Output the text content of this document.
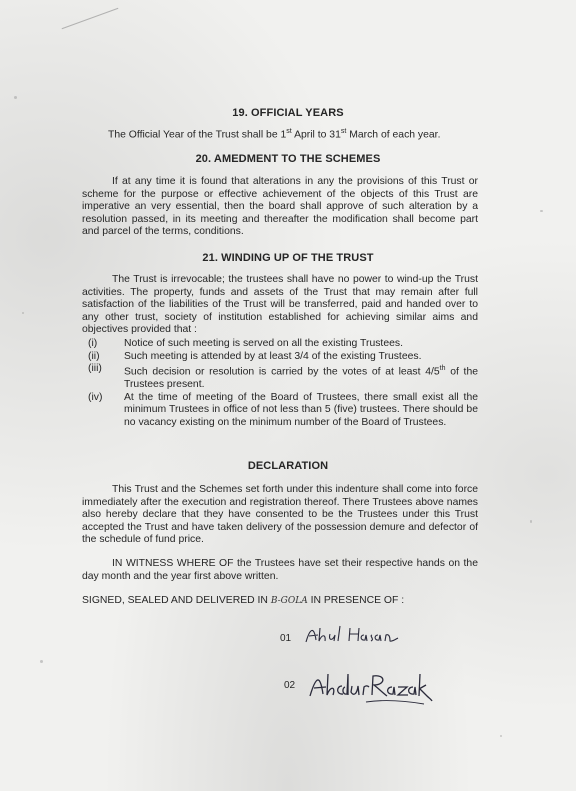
19. OFFICIAL YEARS
The Official Year of the Trust shall be 1st April to 31st March of each year.
20. AMEDMENT TO THE SCHEMES

If at any time it is found that alterations in any the provisions of this Trust or scheme for the purpose or effective achievement of the objects of this Trust are imperative an very essential, then the board shall approve of such alteration by a resolution passed, in its meeting and thereafter the modification shall become part and parcel of the terms, conditions.

21. WINDING UP OF THE TRUST

The Trust is irrevocable; the trustees shall have no power to wind-up the Trust activities. The property, funds and assets of the Trust that may remain after full satisfaction of the liabilities of the Trust will be transferred, paid and handed over to any other trust, society of institution established for achieving similar aims and objectives provided that :

(i)	Notice of such meeting is served on all the existing Trustees.
(ii)	Such meeting is attended by at least 3/4 of the existing Trustees.
(iii)	Such decision or resolution is carried by the votes of at least 4/5th of the Trustees present.
(iv)	At the time of meeting of the Board of Trustees, there small exist all the minimum Trustees in office of not less than 5 (five) trustees. There should be no vacancy existing on the minimum number of the Board of Trustees.
DECLARATION

This Trust and the Schemes set forth under this indenture shall come into force immediately after the execution and registration thereof. There Trustees above names also hereby declare that they have consented to be the Trustees under this Trust accepted the Trust and have taken delivery of the possession demure and defector of the schedule of fund price.

IN WITNESS WHERE OF the Trustees have set their respective hands on the day month and the year first above written.

SIGNED, SEALED AND DELIVERED IN B-GOLA IN PRESENCE OF :
01
02
